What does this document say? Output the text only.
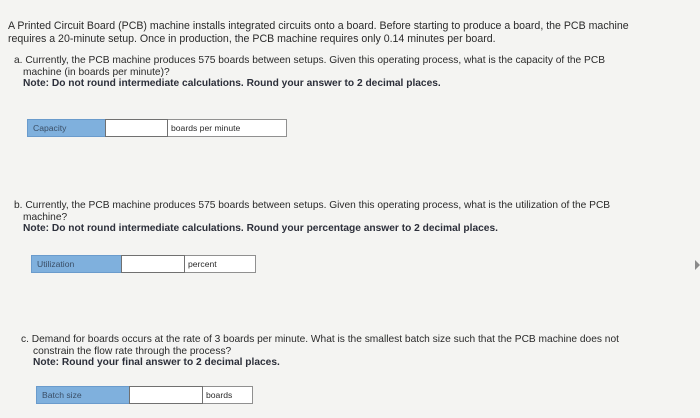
A Printed Circuit Board (PCB) machine installs integrated circuits onto a board. Before starting to produce a board, the PCB machine
requires a 20-minute setup. Once in production, the PCB machine requires only 0.14 minutes per board.
a. Currently, the PCB machine produces 575 boards between setups. Given this operating process, what is the capacity of the PCB
machine (in boards per minute)?
Note: Do not round intermediate calculations. Round your answer to 2 decimal places.
Capacity	boards per minute
b. Currently, the PCB machine produces 575 boards between setups. Given this operating process, what is the utilization of the PCB
machine?
Note: Do not round intermediate calculations. Round your percentage answer to 2 decimal places.
Utilization	percent
c. Demand for boards occurs at the rate of 3 boards per minute. What is the smallest batch size such that the PCB machine does not
constrain the flow rate through the process?
Note: Round your final answer to 2 decimal places.
Batch size	boards
